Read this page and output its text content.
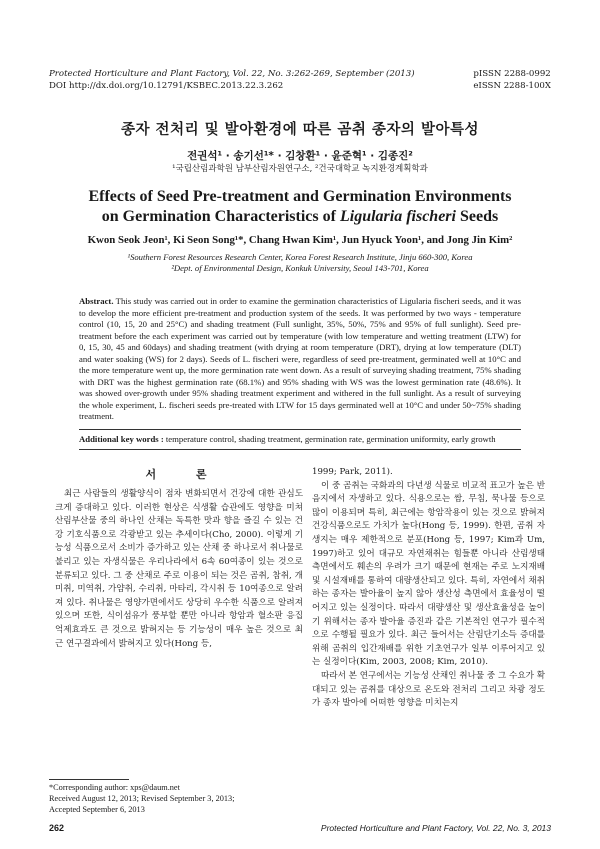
Protected Horticulture and Plant Factory, Vol. 22, No. 3:262-269, September (2013)
DOI http://dx.doi.org/10.12791/KSBEC.2013.22.3.262
pISSN 2288-0992
eISSN 2288-100X
종자 전처리 및 발아환경에 따른 곰취 종자의 발아특성
전권석¹ · 송기선¹* · 김창환¹ · 윤준혁¹ · 김종진²
¹국립산림과학원 남부산림자원연구소, ²건국대학교 녹지환경계획학과
Effects of Seed Pre-treatment and Germination Environments
on Germination Characteristics of Ligularia fischeri Seeds
Kwon Seok Jeon¹, Ki Seon Song¹*, Chang Hwan Kim¹, Jun Hyuck Yoon¹, and Jong Jin Kim²
¹Southern Forest Resources Research Center, Korea Forest Research Institute, Jinju 660-300, Korea
²Dept. of Environmental Design, Konkuk University, Seoul 143-701, Korea
Abstract. This study was carried out in order to examine the germination characteristics of Ligularia fischeri seeds, and it was to develop the more efficient pre-treatment and production system of the seeds. It was performed by two ways - temperature control (10, 15, 20 and 25°C) and shading treatment (Full sunlight, 35%, 50%, 75% and 95% of full sunlight). Seed pre-treatment before the each experiment was carried out by temperature (with low temperature and wetting treatment (LTW) for 0, 15, 30, 45 and 60days) and shading treatment (with drying at room temperature (DRT), drying at low temperature (DLT) and water soaking (WS) for 2 days). Seeds of L. fischeri were, regardless of seed pre-treatment, germinated well at 10°C and the more temperature went up, the more germination rate went down. As a result of surveying shading treatment, 75% shading with DRT was the highest germination rate (68.1%) and 95% shading with WS was the lowest germination rate (48.6%). It was showed over-growth under 95% shading treatment experiment and withered in the full sunlight. As a result of surveying the whole experiment, L. fischeri seeds pre-treated with LTW for 15 days germinated well at 10°C and under 50~75% shading treatment.
Additional key words : temperature control, shading treatment, germination rate, germination uniformity, early growth
서 론

최근 사람들의 생활양식이 점차 변화되면서 건강에 대한 관심도 크게 증대하고 있다. 이러한 현상은 식생활 습관에도 영향을 미쳐 산림부산물 중의 하나인 산채는 독특한 맛과 향을 즐길 수 있는 건강 기호식품으로 각광받고 있는 추세이다(Cho, 2000). 이렇게 기능성 식품으로서 소비가 증가하고 있는 산채 중 하나로서 취나물로 불리고 있는 자생식물은 우리나라에서 6속 60여종이 있는 것으로 분류되고 있다. 그 중 산채로 주로 이용이 되는 것은 곰취, 참취, 개미취, 미역취, 가얌취, 수리취, 마타리, 각시취 등 10여종으로 알려져 있다. 취나물은 영양가면에서도 상당히 우수한 식품으로 알려져 있으며 또한, 식이섬유가 풍부할 뿐만 아니라 항암과 혈소판 응집 억제효과도 큰 것으로 밝혀지는 등 기능성이 매우 높은 것으로 최근 연구결과에서 밝혀지고 있다(Hong 등,

1999; Park, 2011).

이 중 곰취는 국화과의 다년생 식물로 비교적 표고가 높은 반음지에서 자생하고 있다. 식용으로는 쌈, 무침, 묵나물 등으로 많이 이용되며 특히, 최근에는 항암작용이 있는 것으로 밝혀져 건강식품으로도 가치가 높다(Hong 등, 1999). 한편, 곰취 자생지는 매우 제한적으로 분포(Hong 등, 1997; Kim과 Um, 1997)하고 있어 대규모 자연채취는 힘들뿐 아니라 산림생태 측면에서도 훼손의 우려가 크기 때문에 현재는 주로 노지재배 및 시설재배를 통하여 대량생산되고 있다. 특히, 자연에서 채취하는 종자는 발아율이 높지 않아 생산성 측면에서 효율성이 떨어지고 있는 실정이다. 따라서 대량생산 및 생산효율성을 높이기 위해서는 종자 발아율 증진과 같은 기본적인 연구가 필수적으로 수행될 필요가 있다. 최근 들어서는 산림단기소득 증대를 위해 곰취의 입간재배를 위한 기초연구가 일부 이루어지고 있는 실정이다(Kim, 2003, 2008; Kim, 2010).

따라서 본 연구에서는 기능성 산채인 취나물 중 그 수요가 확대되고 있는 곰취를 대상으로 온도와 전처리 그리고 차광 정도가 종자 발아에 어떠한 영향을 미치는지

*Corresponding author: xps@daum.net
Received August 12, 2013; Revised September 3, 2013;
Accepted September 6, 2013
262	Protected Horticulture and Plant Factory, Vol. 22, No. 3, 2013
